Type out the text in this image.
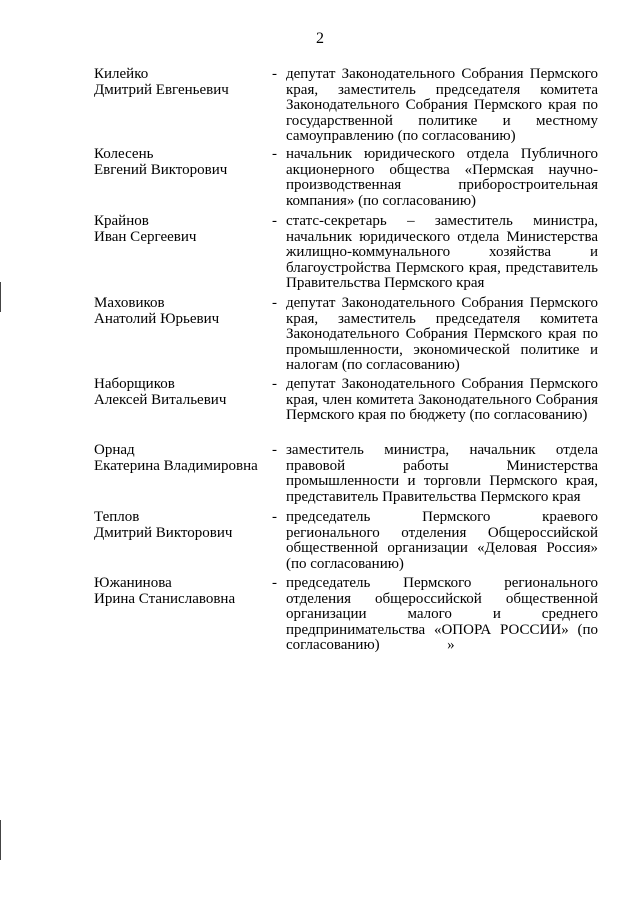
2
Килейко
Дмитрий Евгеньевич
- депутат Законодательного Собрания Пермского края, заместитель председателя комитета Законодательного Собрания Пермского края по государственной политике и местному самоуправлению (по согласованию)
Колесень
Евгений Викторович
- начальник юридического отдела Публичного акционерного общества «Пермская научно-производственная приборостроительная компания» (по согласованию)
Крайнов
Иван Сергеевич
- статс-секретарь – заместитель министра, начальник юридического отдела Министерства жилищно-коммунального хозяйства и благоустройства Пермского края, представитель Правительства Пермского края
Маховиков
Анатолий Юрьевич
- депутат Законодательного Собрания Пермского края, заместитель председателя комитета Законодательного Собрания Пермского края по промышленности, экономической политике и налогам (по согласованию)
Наборщиков
Алексей Витальевич
- депутат Законодательного Собрания Пермского края, член комитета Законодательного Собрания Пермского края по бюджету (по согласованию)
Орнад
Екатерина Владимировна
- заместитель министра, начальник отдела правовой работы Министерства промышленности и торговли Пермского края, представитель Правительства Пермского края
Теплов
Дмитрий Викторович
- председатель Пермского краевого регионального отделения Общероссийской общественной организации «Деловая Россия» (по согласованию)
Южанинова
Ирина Станиславовна
- председатель Пермского регионального отделения общероссийской общественной организации малого и среднего предпринимательства «ОПОРА РОССИИ» (по согласованию)                  »
